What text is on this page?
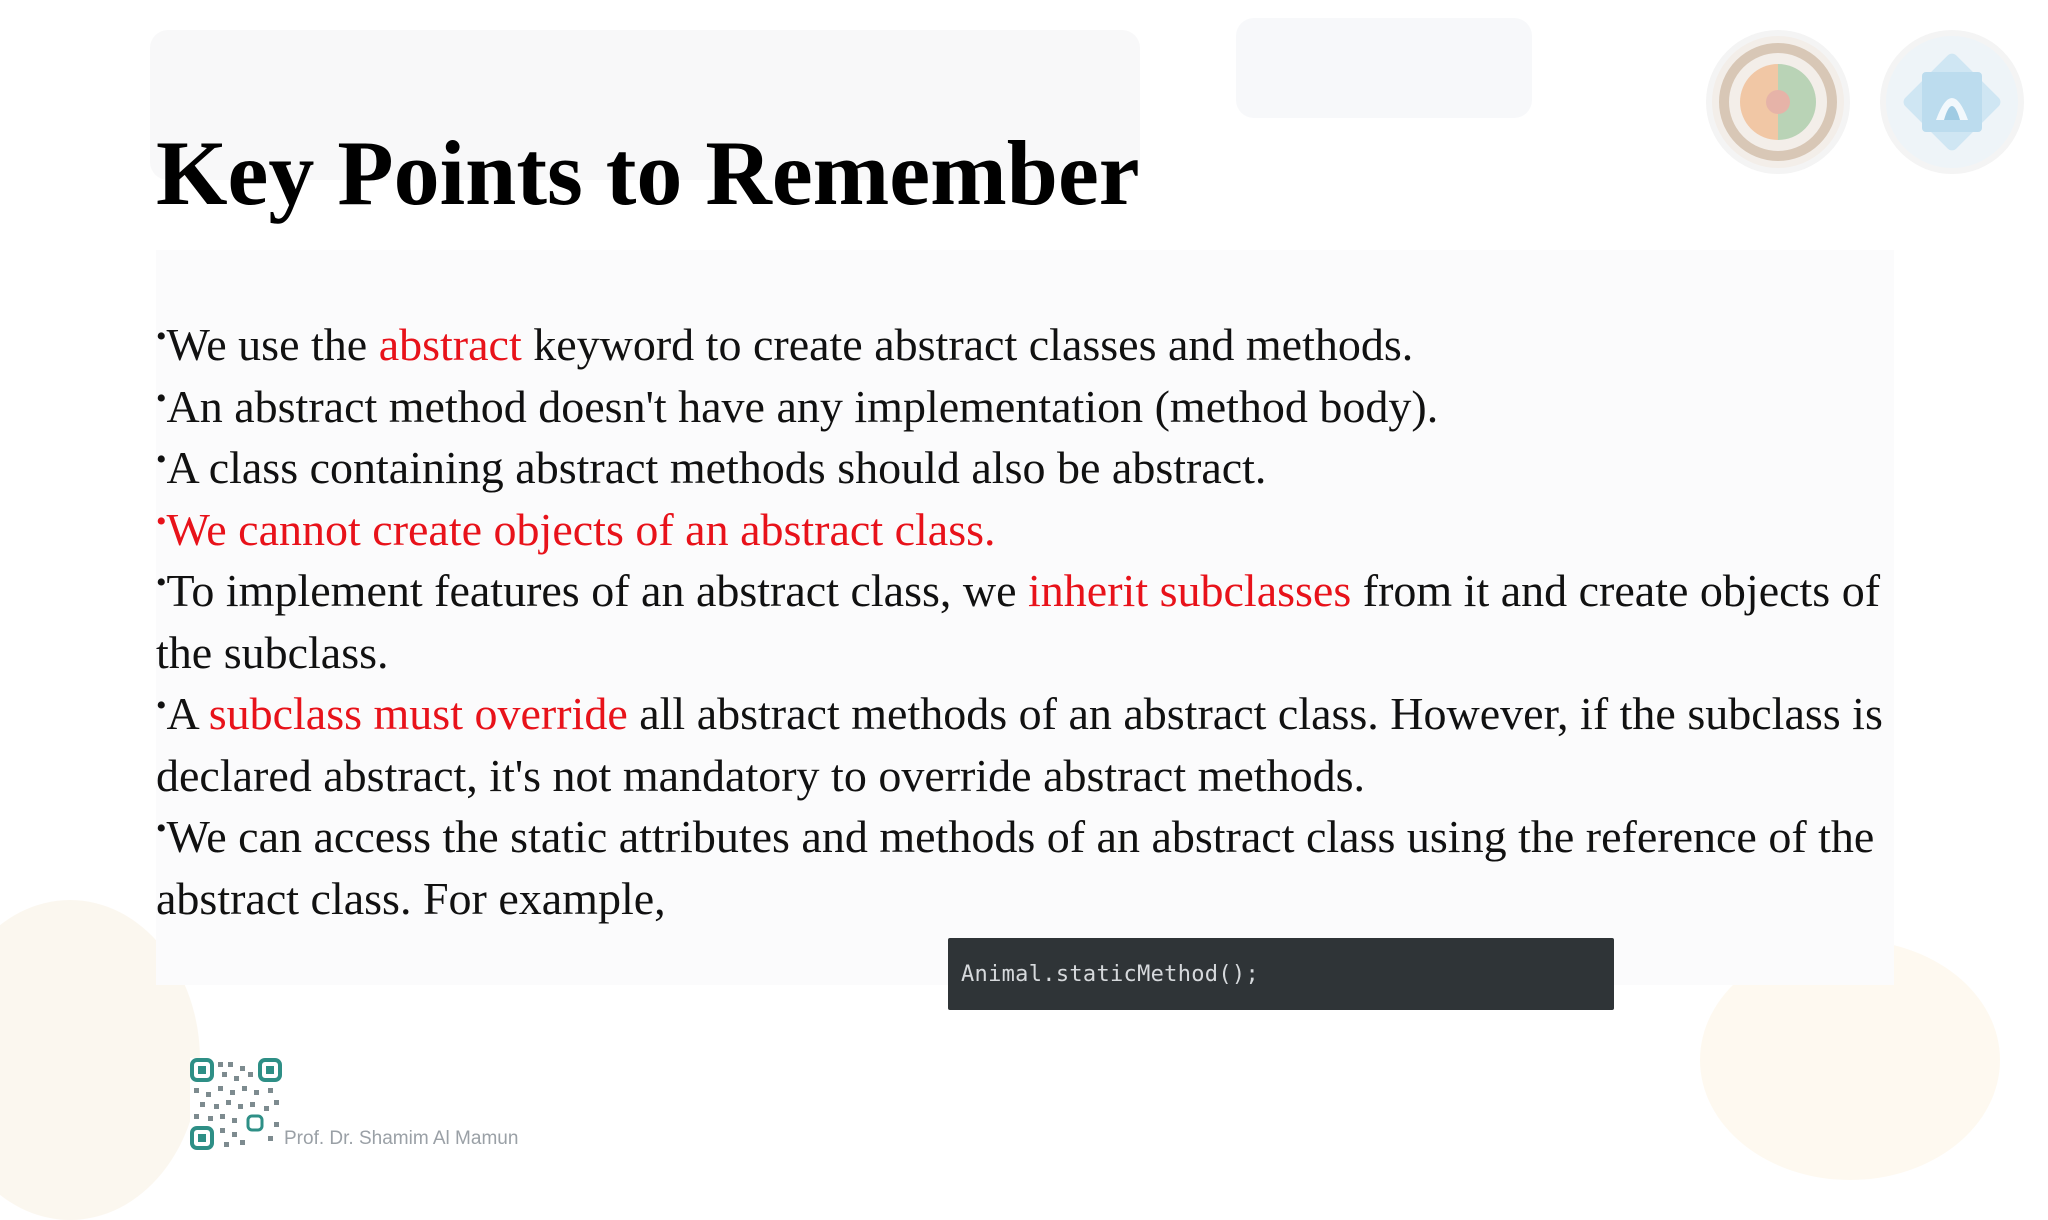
Key Points to Remember

•We use the abstract keyword to create abstract classes and methods.

•An abstract method doesn't have any implementation (method body).

•A class containing abstract methods should also be abstract.

•We cannot create objects of an abstract class.

•To implement features of an abstract class, we inherit subclasses from it and create objects of the subclass.

•A subclass must override all abstract methods of an abstract class. However, if the subclass is declared abstract, it's not mandatory to override abstract methods.

•We can access the static attributes and methods of an abstract class using the reference of the abstract class. For example,

Animal.staticMethod();
Prof. Dr. Shamim Al Mamun
